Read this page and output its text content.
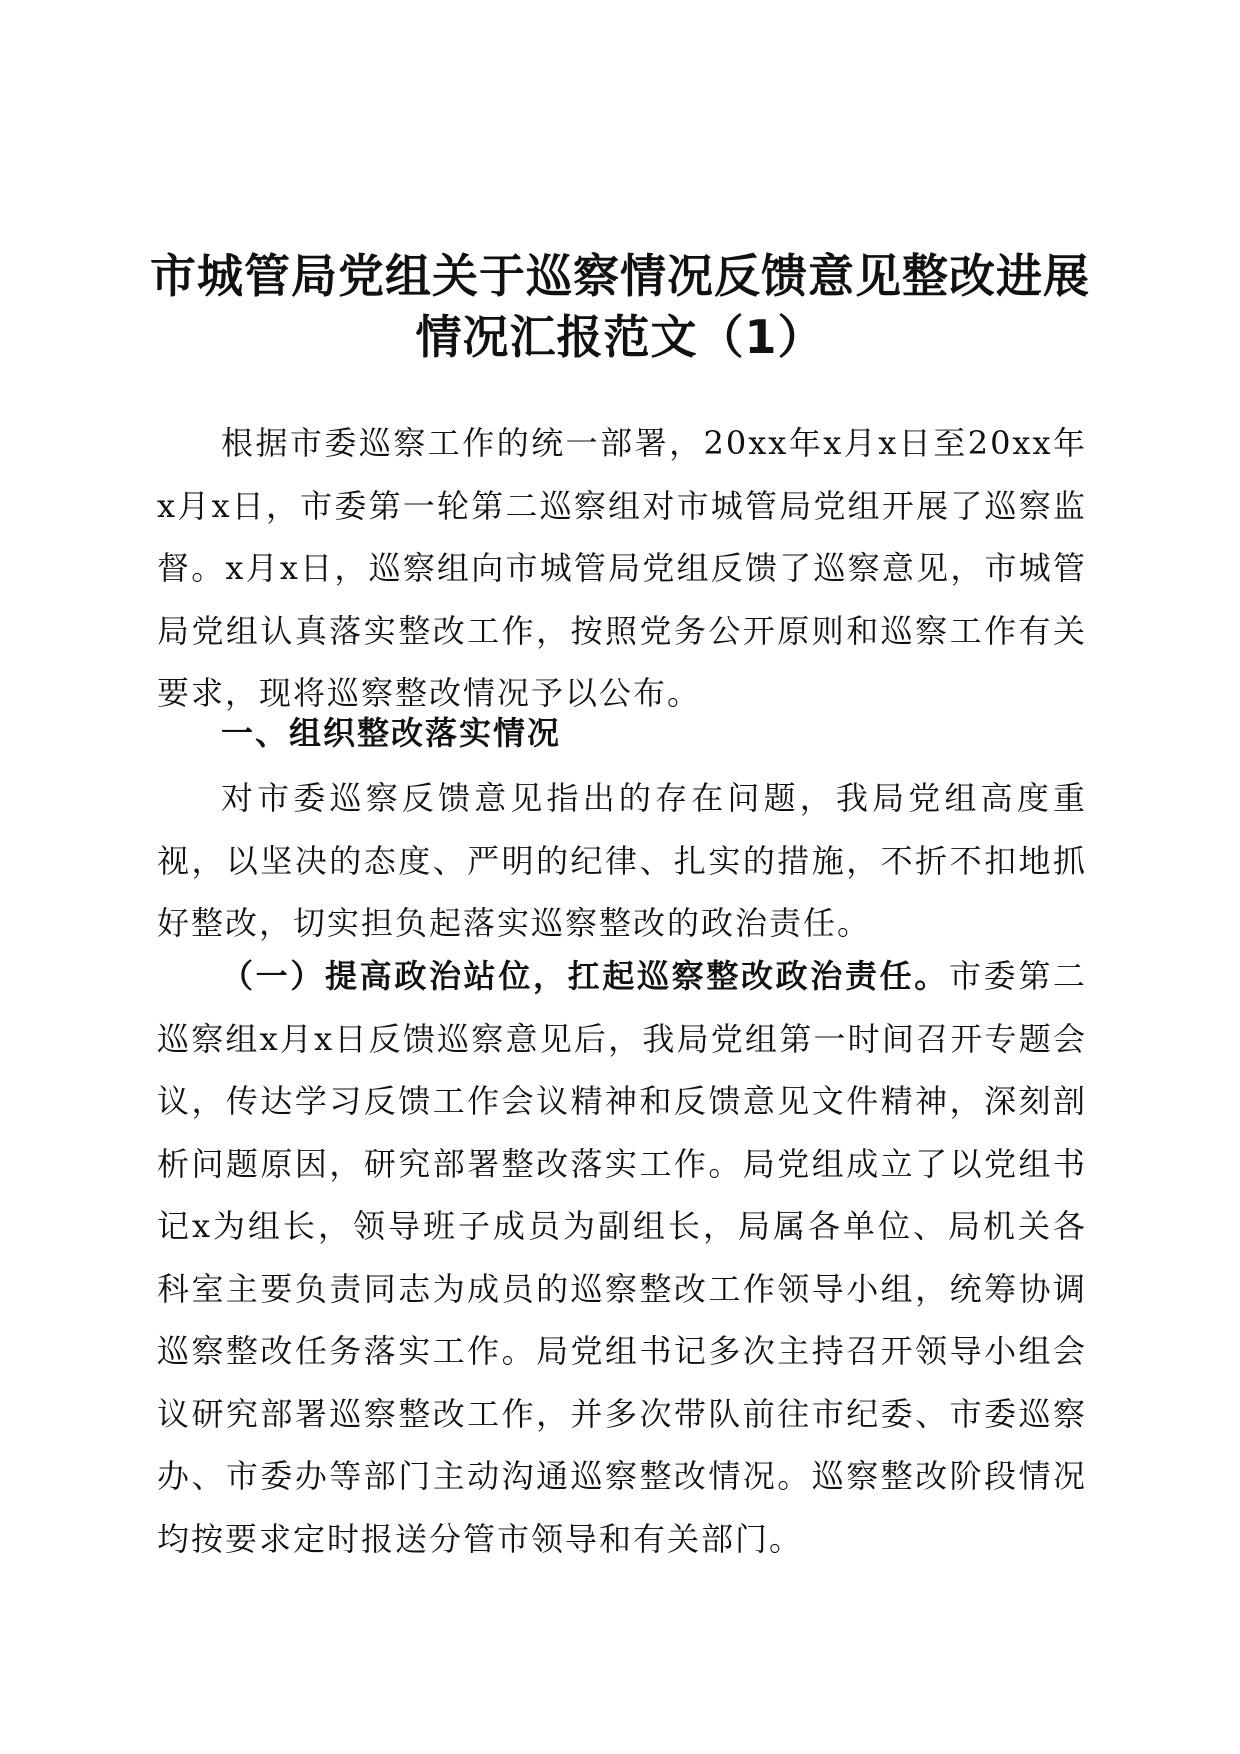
市城管局党组关于巡察情况反馈意见整改进展
情况汇报范文（1）

根据市委巡察工作的统一部署，20xx年x月x日至20xx年x月x日，市委第一轮第二巡察组对市城管局党组开展了巡察监督。x月x日，巡察组向市城管局党组反馈了巡察意见，市城管局党组认真落实整改工作，按照党务公开原则和巡察工作有关要求，现将巡察整改情况予以公布。

一、组织整改落实情况

对市委巡察反馈意见指出的存在问题，我局党组高度重视，以坚决的态度、严明的纪律、扎实的措施，不折不扣地抓好整改，切实担负起落实巡察整改的政治责任。

（一）提高政治站位，扛起巡察整改政治责任。市委第二巡察组x月x日反馈巡察意见后，我局党组第一时间召开专题会议，传达学习反馈工作会议精神和反馈意见文件精神，深刻剖析问题原因，研究部署整改落实工作。局党组成立了以党组书记x为组长，领导班子成员为副组长，局属各单位、局机关各科室主要负责同志为成员的巡察整改工作领导小组，统筹协调巡察整改任务落实工作。局党组书记多次主持召开领导小组会议研究部署巡察整改工作，并多次带队前往市纪委、市委巡察办、市委办等部门主动沟通巡察整改情况。巡察整改阶段情况均按要求定时报送分管市领导和有关部门。
